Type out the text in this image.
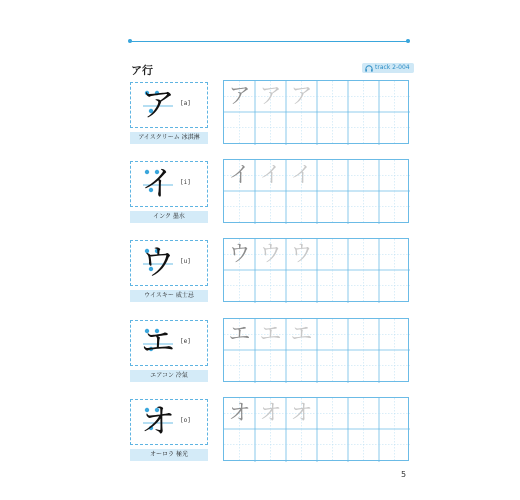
ア行	track 2-004
ア [a]
アイスクリーム 冰淇淋
ア ア ア
イ [i]
インク 墨水
イ イ イ
ウ [u]
ウイスキー 威士忌
ウ ウ ウ
エ [e]
エアコン 冷氣
エ エ エ
オ [o]
オーロラ 極光
オ オ オ
5
